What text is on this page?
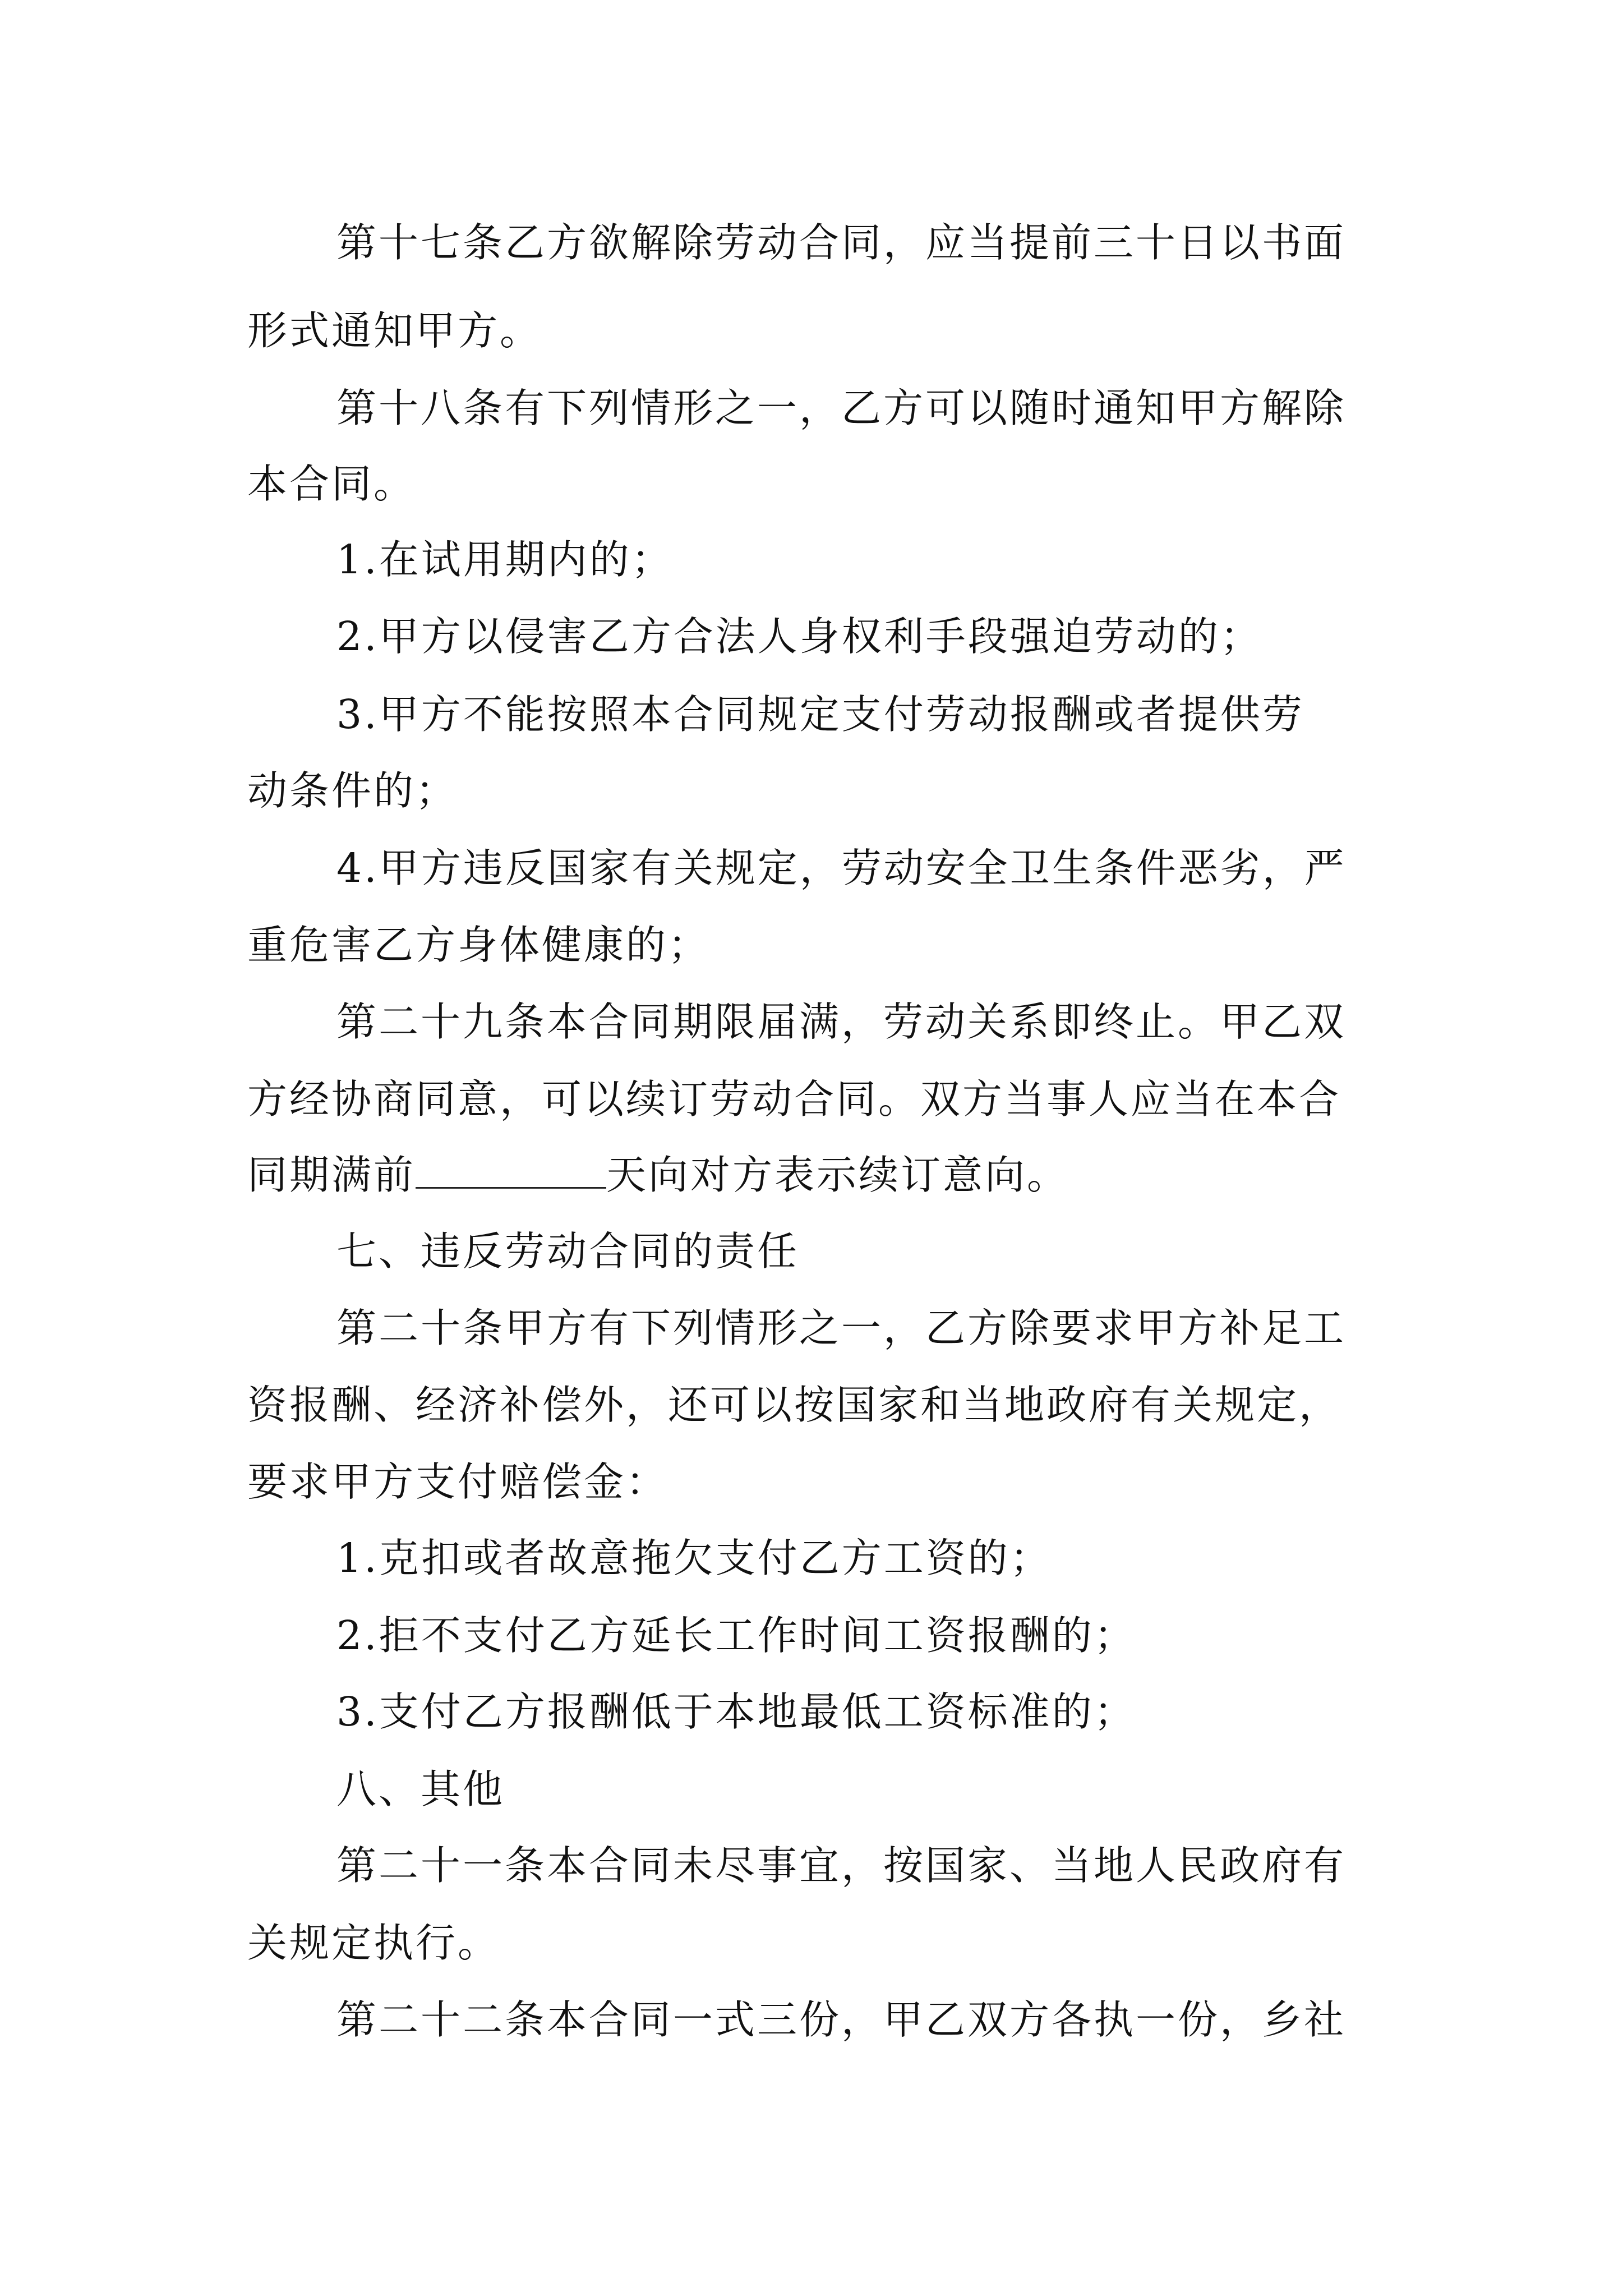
第十七条乙方欲解除劳动合同，应当提前三十日以书面
形式通知甲方。
第十八条有下列情形之一，乙方可以随时通知甲方解除
本合同。
1.在试用期内的；
2.甲方以侵害乙方合法人身权利手段强迫劳动的；
3.甲方不能按照本合同规定支付劳动报酬或者提供劳
动条件的；
4.甲方违反国家有关规定，劳动安全卫生条件恶劣，严
重危害乙方身体健康的；
第二十九条本合同期限届满，劳动关系即终止。甲乙双
方经协商同意，可以续订劳动合同。双方当事人应当在本合
同期满前	天向对方表示续订意向。
七、违反劳动合同的责任
第二十条甲方有下列情形之一，乙方除要求甲方补足工
资报酬、经济补偿外，还可以按国家和当地政府有关规定，
要求甲方支付赔偿金：
1.克扣或者故意拖欠支付乙方工资的；
2.拒不支付乙方延长工作时间工资报酬的；
3.支付乙方报酬低于本地最低工资标准的；
八、其他
第二十一条本合同未尽事宜，按国家、当地人民政府有
关规定执行。
第二十二条本合同一式三份，甲乙双方各执一份，乡社
